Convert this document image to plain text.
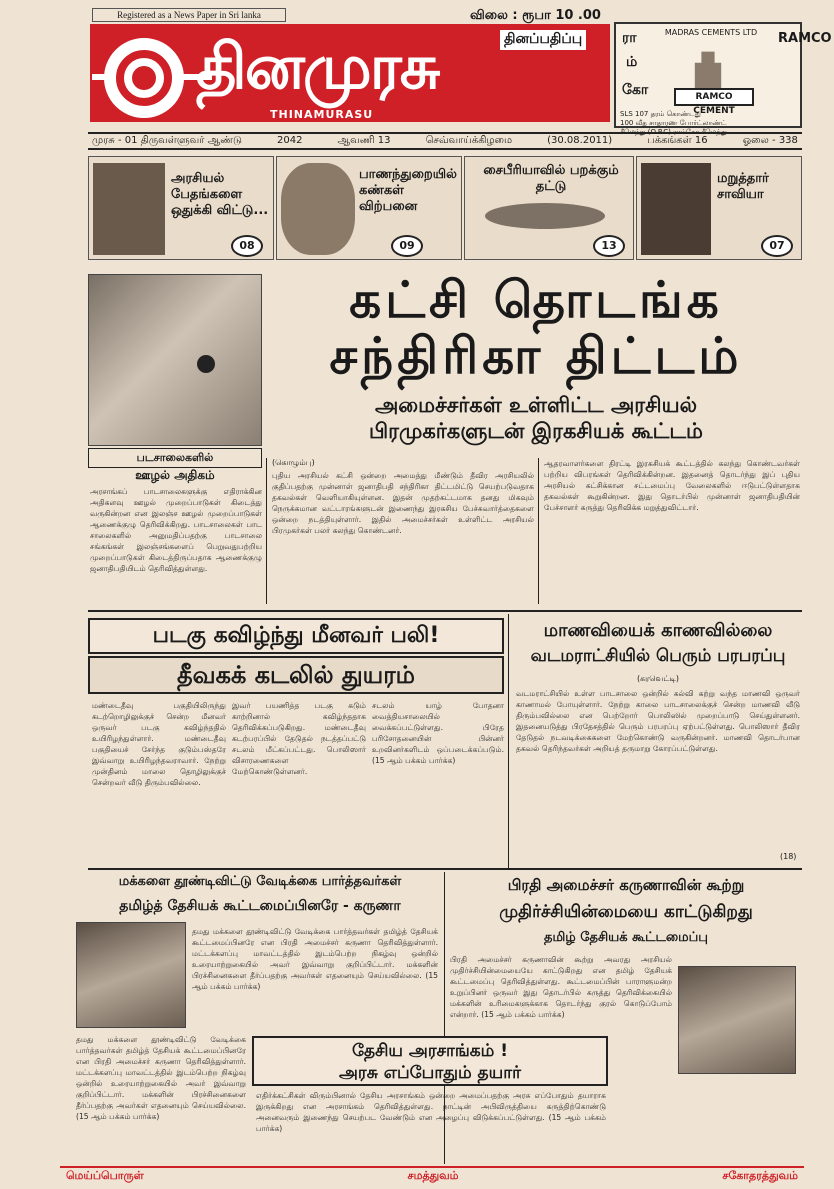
Registered as a News Paper in Sri lanka	விலை : ரூபா 10 .00
தினமுரசு
THINAMURASU
தினப்பதிப்பு	ரா
ம்
கோ
MADRAS CEMENTS LTD
RAMCO CEMENT
RAMCO
SLS 107 தரம் கொண்டது
100 வீத சாதாரண போர்ட்லாண்ட்
சீமெந்து (O.P.C) ராம்கோ சீமெந்து
முரசு - 01 திருவள்ளுவர் ஆண்டு	2042	ஆவணி 13	செவ்வாய்க்கிழமை	(30.08.2011)	பக்கங்கள் 16	ஓலை - 338
அரசியல் பேதங்களை ஒதுக்கி விட்டு...
08
பாணந்துறையில் கண்கள் விற்பனை
09
சைபீரியாவில் பறக்கும் தட்டு
13
மறுத்தார் சாவியா
07
கட்சி தொடங்க
சந்திரிகா திட்டம்
அமைச்சர்கள் உள்ளிட்ட அரசியல்
பிரமுகர்களுடன் இரகசியக் கூட்டம்
படசாலைகளில்
ஊழல் அதிகம்
அரசாங்கப் பாடசாலைகளுக்கு எதிராக்கின அதிகளவு ஊழல் முறைப்பாடுகள் கிடைத்து வருகின்றன என இலஞ்ச ஊழல் முறைப்பாடுகள் ஆணைக்குழு தெரிவிக்கிறது. பாடசாலைகள் பாட சாலைகளில் அனுமதிப்பதற்கு பாடசாலை சங்கங்கள் இலஞ்சங்களைப் பெறுவதுபற்றிய முறைப்பாடுகள் கிடைத்திருப்பதாக ஆணைக்குழு ஜனாதிபதியிடம் தெரிவித்துள்ளது.
(கொழும்பு)
புதிய அரசியல் கட்சி ஒன்றை அமைத்து மீண்டும் தீவிர அரசியலில் குதிப்பதற்கு முன்னாள் ஜனாதிபதி சந்திரிகா திட்டமிட்டு செயற்படுவதாக தகவல்கள் வெளியாகியுள்ளன. இதன் முதற்கட்டமாக தனது மிகவும் நெருக்கமான வட்டாரங்களுடன் இணைந்து இரகசிய பேச்சுவார்த்தைகளை ஒன்றை நடத்தியுள்ளார். இதில் அமைச்சர்கள் உள்ளிட்ட அரசியல் பிரமுகர்கள் பலர் கலந்து கொண்டனர்.
ஆதரவாளர்களை திரட்டி இரகசியக் கூட்டத்தில் கலந்து கொண்டவர்கள் பற்றிய விபரங்கள் தெரிவிக்கின்றன. இதனைத் தொடர்ந்து இப் புதிய அரசியல் கட்சிக்கான சட்டமைப்பு வேலைகளில் ஈடுபட்டுள்ளதாக தகவல்கள் கூறுகின்றன. இது தொடர்பில் முன்னாள் ஜனாதிபதியின் பேச்சாளர் கருத்து தெரிவிக்க மறுத்துவிட்டார்.
படகு கவிழ்ந்து மீனவர் பலி!
தீவகக் கடலில் துயரம்
மண்டைதீவு பகுதியிலிருந்து கடற்றொழிலுக்குச் சென்ற மீனவர் ஒருவர் படகு கவிழ்ந்ததில் உயிரிழந்துள்ளார். மண்டைதீவு பகுதியைச் சேர்ந்த குடும்பஸ்தரே இவ்வாறு உயிரிழந்தவராவார். நேற்று முன்தினம் மாலை தொழிலுக்குச் சென்றவர் வீடு திரும்பவில்லை.
இவர் பயணித்த படகு கடும் காற்றினால் கவிழ்ந்ததாக தெரிவிக்கப்படுகிறது. மண்டைதீவு கடற்பரப்பில் தேடுதல் நடத்தப்பட்டு சடலம் மீட்கப்பட்டது. பொலிஸார் விசாரணைகளை மேற்கொண்டுள்ளனர்.
சடலம் யாழ் போதனா வைத்தியசாலையில் வைக்கப்பட்டுள்ளது. பிரேத பரிசோதனையின் பின்னர் உறவினர்களிடம் ஒப்படைக்கப்படும். (15 ஆம் பக்கம் பார்க்க)
மாணவியைக் காணவில்லை
வடமராட்சியில் பெரும் பரபரப்பு
(கரவெட்டி)
வடமராட்சியில் உள்ள பாடசாலை ஒன்றில் கல்வி கற்று வந்த மாணவி ஒருவர் காணாமல் போயுள்ளார். நேற்று காலை பாடசாலைக்குச் சென்ற மாணவி வீடு திரும்பவில்லை என பெற்றோர் பொலிஸில் முறைப்பாடு செய்துள்ளனர். இதனையடுத்து பிரதேசத்தில் பெரும் பரபரப்பு ஏற்பட்டுள்ளது. பொலிஸார் தீவிர தேடுதல் நடவடிக்கைகளை மேற்கொண்டு வருகின்றனர். மாணவி தொடர்பான தகவல் தெரிந்தவர்கள் அறியத் தருமாறு கோரப்பட்டுள்ளது.
(18)
மக்களை தூண்டிவிட்டு வேடிக்கை பார்த்தவர்கள்
தமிழ்த் தேசியக் கூட்டமைப்பினரே - கருணா
தமது மக்களை தூண்டிவிட்டு வேடிக்கை பார்த்தவர்கள் தமிழ்த் தேசியக் கூட்டமைப்பினரே என பிரதி அமைச்சர் கருணா தெரிவித்துள்ளார். மட்டக்களப்பு மாவட்டத்தில் இடம்பெற்ற நிகழ்வு ஒன்றில் உரையாற்றுகையில் அவர் இவ்வாறு குறிப்பிட்டார். மக்களின் பிரச்சினைகளை தீர்ப்பதற்கு அவர்கள் எதனையும் செய்யவில்லை. (15 ஆம் பக்கம் பார்க்க)
பிரதி அமைச்சர் கருணாவின் கூற்று
முதிர்ச்சியின்மையை காட்டுகிறது
தமிழ் தேசியக் கூட்டமைப்பு
பிரதி அமைச்சர் கருணாவின் கூற்று அவரது அரசியல் முதிர்ச்சியின்மையையே காட்டுகிறது என தமிழ் தேசியக் கூட்டமைப்பு தெரிவித்துள்ளது. கூட்டமைப்பின் பாராளுமன்ற உறுப்பினர் ஒருவர் இது தொடர்பில் கருத்து தெரிவிக்கையில் மக்களின் உரிமைகளுக்காக தொடர்ந்து குரல் கொடுப்போம் என்றார். (15 ஆம் பக்கம் பார்க்க)
தேசிய அரசாங்கம் !
அரசு எப்போதும் தயார்
எதிர்க்கட்சிகள் விரும்பினால் தேசிய அரசாங்கம் ஒன்றை அமைப்பதற்கு அரசு எப்போதும் தயாராக இருக்கிறது என அரசாங்கம் தெரிவித்துள்ளது. நாட்டின் அபிவிருத்தியை கருத்திற்கொண்டு அனைவரும் இணைந்து செயற்பட வேண்டும் என அழைப்பு விடுக்கப்பட்டுள்ளது. (15 ஆம் பக்கம் பார்க்க)
தமது மக்களை தூண்டிவிட்டு வேடிக்கை பார்த்தவர்கள் தமிழ்த் தேசியக் கூட்டமைப்பினரே என பிரதி அமைச்சர் கருணா தெரிவித்துள்ளார். மட்டக்களப்பு மாவட்டத்தில் இடம்பெற்ற நிகழ்வு ஒன்றில் உரையாற்றுகையில் அவர் இவ்வாறு குறிப்பிட்டார். மக்களின் பிரச்சினைகளை தீர்ப்பதற்கு அவர்கள் எதனையும் செய்யவில்லை. (15 ஆம் பக்கம் பார்க்க)
மெய்ப்பொருள்	சமத்துவம்	சகோதரத்துவம்
